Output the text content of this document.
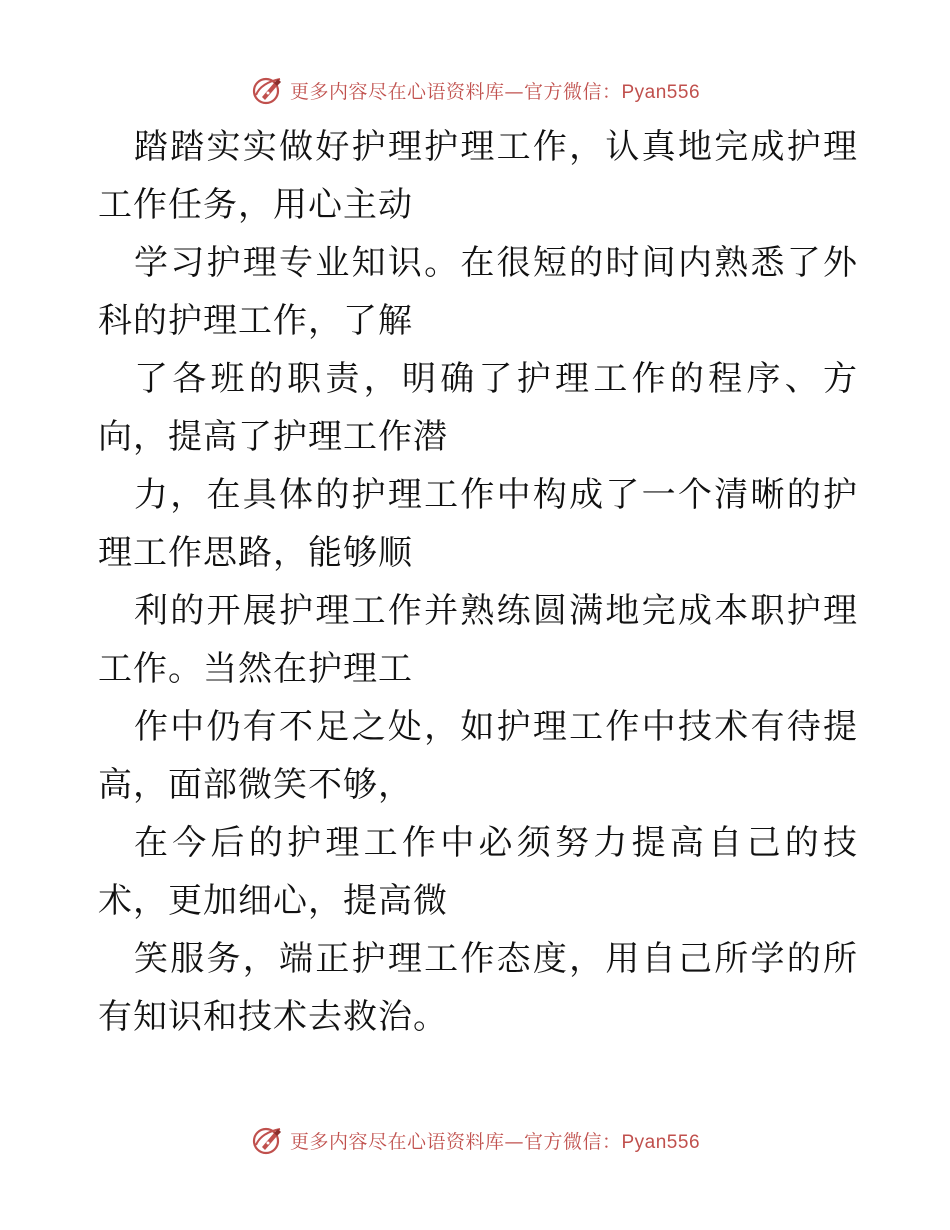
更多内容尽在心语资料库—官方微信：Pyan556

踏踏实实做好护理护理工作，认真地完成护理工作任务，用心主动

学习护理专业知识。在很短的时间内熟悉了外科的护理工作，了解

了各班的职责，明确了护理工作的程序、方向，提高了护理工作潜

力，在具体的护理工作中构成了一个清晰的护理工作思路，能够顺

利的开展护理工作并熟练圆满地完成本职护理工作。当然在护理工

作中仍有不足之处，如护理工作中技术有待提高，面部微笑不够，

在今后的护理工作中必须努力提高自己的技术，更加细心，提高微

笑服务，端正护理工作态度，用自己所学的所有知识和技术去救治。

更多内容尽在心语资料库—官方微信：Pyan556
